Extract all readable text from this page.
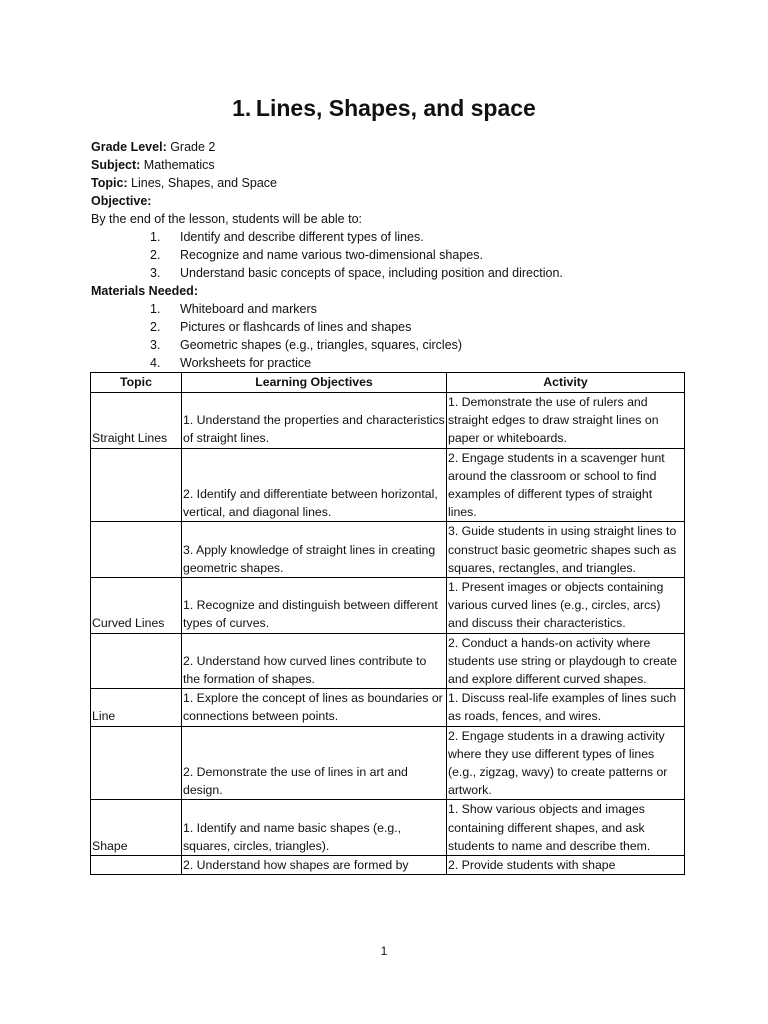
1. Lines, Shapes, and space
Grade Level: Grade 2
Subject: Mathematics
Topic: Lines, Shapes, and Space
Objective:
By the end of the lesson, students will be able to:
1.	Identify and describe different types of lines.
2.	Recognize and name various two-dimensional shapes.
3.	Understand basic concepts of space, including position and direction.
Materials Needed:
1.	Whiteboard and markers
2.	Pictures or flashcards of lines and shapes
3.	Geometric shapes (e.g., triangles, squares, circles)
4.	Worksheets for practice
Topic	Learning Objectives	Activity
Straight Lines	1. Understand the properties and characteristics of straight lines.	1. Demonstrate the use of rulers and straight edges to draw straight lines on paper or whiteboards.
	2. Identify and differentiate between horizontal, vertical, and diagonal lines.	2. Engage students in a scavenger hunt around the classroom or school to find examples of different types of straight lines.
	3. Apply knowledge of straight lines in creating geometric shapes.	3. Guide students in using straight lines to construct basic geometric shapes such as squares, rectangles, and triangles.
Curved Lines	1. Recognize and distinguish between different types of curves.	1. Present images or objects containing various curved lines (e.g., circles, arcs) and discuss their characteristics.
	2. Understand how curved lines contribute to the formation of shapes.	2. Conduct a hands-on activity where students use string or playdough to create and explore different curved shapes.
Line	1. Explore the concept of lines as boundaries or connections between points.	1. Discuss real-life examples of lines such as roads, fences, and wires.
	2. Demonstrate the use of lines in art and design.	2. Engage students in a drawing activity where they use different types of lines (e.g., zigzag, wavy) to create patterns or artwork.
Shape	1. Identify and name basic shapes (e.g., squares, circles, triangles).	1. Show various objects and images containing different shapes, and ask students to name and describe them.
	2. Understand how shapes are formed by	2. Provide students with shape
1
